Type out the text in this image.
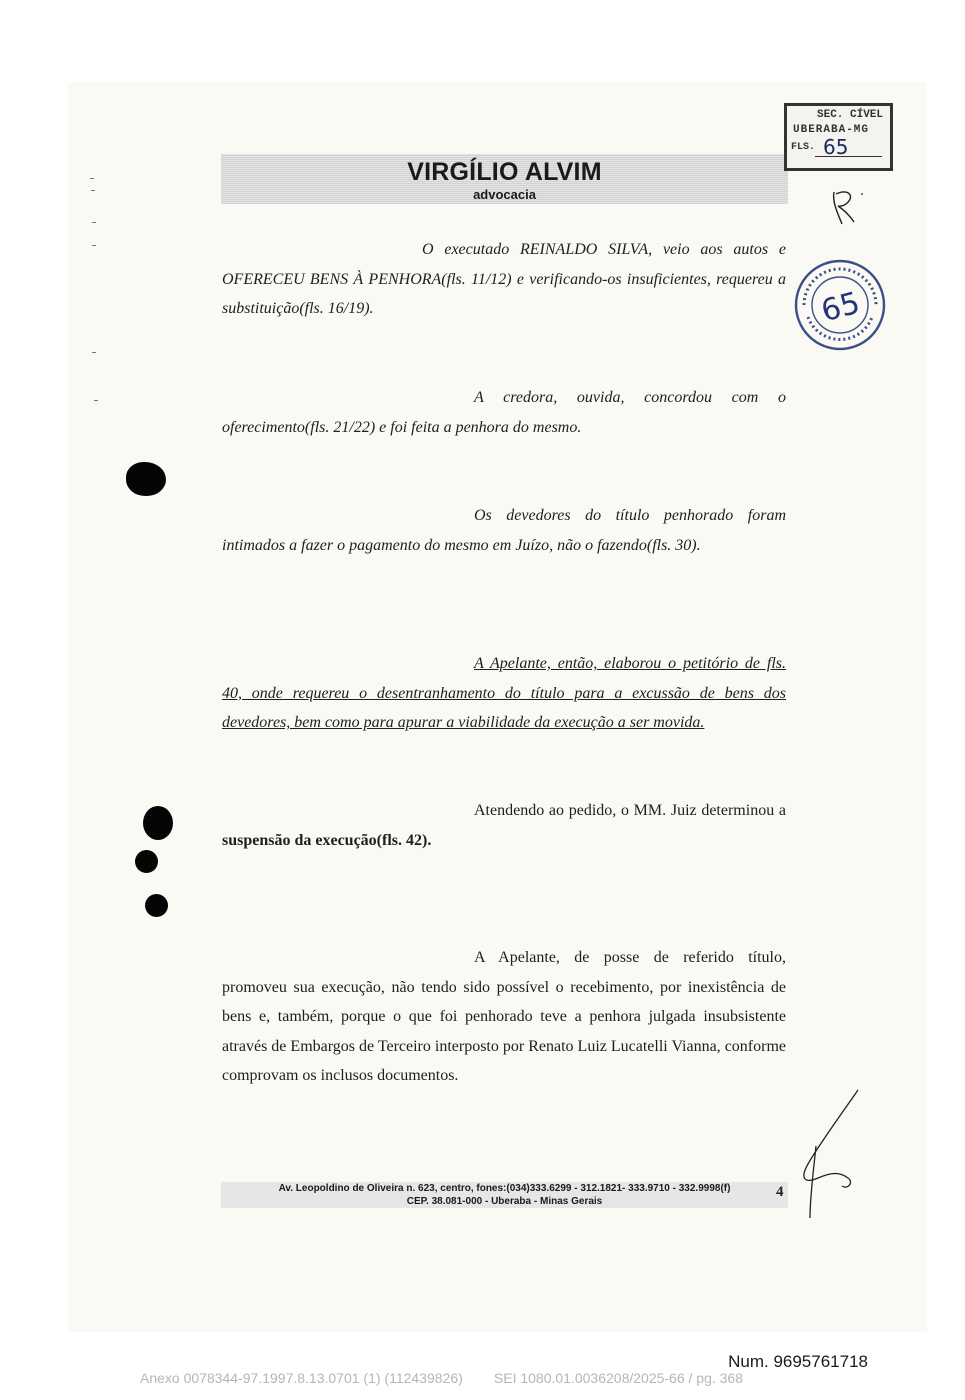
VIRGÍLIO ALVIM
advocacia
SEC. CÍVEL
UBERABA-MG
FLS. 65
65

O executado REINALDO SILVA, veio aos autos e OFERECEU BENS À PENHORA(fls. 11/12) e verificando-os insuficientes, requereu a substituição(fls. 16/19).

A credora, ouvida, concordou com o oferecimento(fls. 21/22) e foi feita a penhora do mesmo.

Os devedores do título penhorado foram intimados a fazer o pagamento do mesmo em Juízo, não o fazendo(fls. 30).

A Apelante, então, elaborou o petitório de fls. 40, onde requereu o desentranhamento do título para a excussão de bens dos devedores, bem como para apurar a viabilidade da execução a ser movida.

Atendendo ao pedido, o MM. Juiz determinou a suspensão da execução(fls. 42).

A Apelante, de posse de referido título, promoveu sua execução, não tendo sido possível o recebimento, por inexistência de bens e, também, porque o que foi penhorado teve a penhora julgada insubsistente através de Embargos de Terceiro interposto por Renato Luiz Lucatelli Vianna, conforme comprovam os inclusos documentos.

Av. Leopoldino de Oliveira n. 623, centro, fones:(034)333.6299 - 312.1821- 333.9710 - 332.9998(f)
CEP. 38.081-000 - Uberaba - Minas Gerais
4
Num. 9695761718
Anexo 0078344-97.1997.8.13.0701 (1) (112439826)        SEI 1080.01.0036208/2025-66 / pg. 368
